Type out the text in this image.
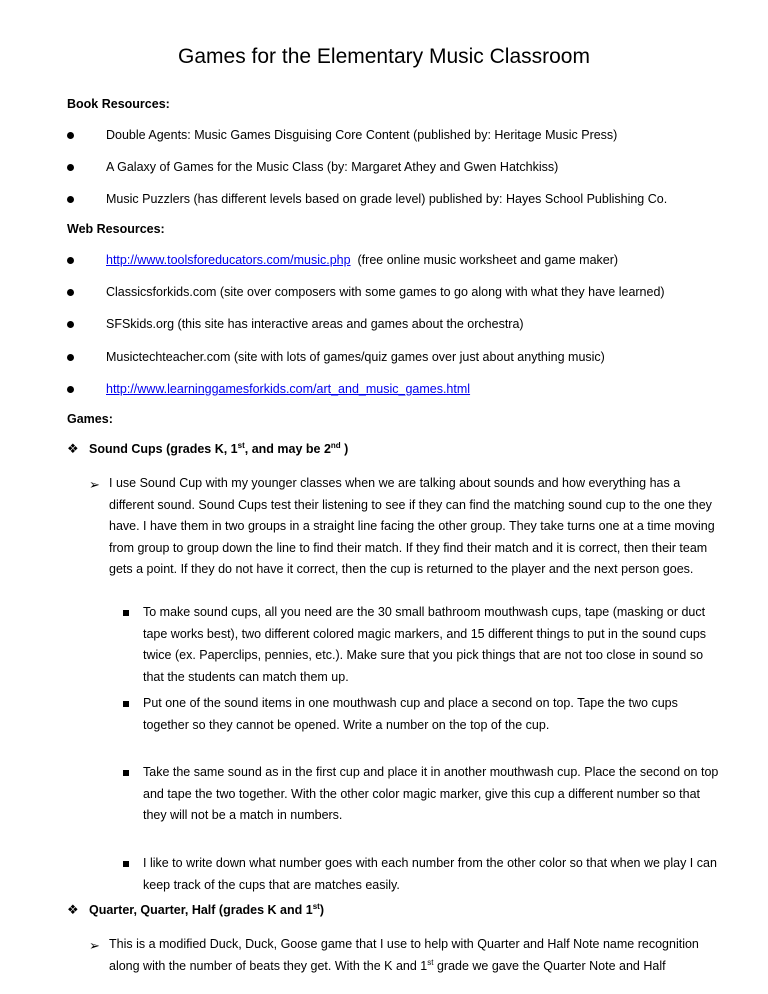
Games for the Elementary Music Classroom
Book Resources:
Double Agents: Music Games Disguising Core Content (published by: Heritage Music Press)
A Galaxy of Games for the Music Class (by: Margaret Athey and Gwen Hatchkiss)
Music Puzzlers (has different levels based on grade level) published by: Hayes School Publishing Co.
Web Resources:
http://www.toolsforeducators.com/music.php (free online music worksheet and game maker)
Classicsforkids.com (site over composers with some games to go along with what they have learned)
SFSkids.org (this site has interactive areas and games about the orchestra)
Musictechteacher.com (site with lots of games/quiz games over just about anything music)
http://www.learninggamesforkids.com/art_and_music_games.html
Games:
❖ Sound Cups (grades K, 1st, and may be 2nd )
➢ I use Sound Cup with my younger classes when we are talking about sounds and how everything has a different sound. Sound Cups test their listening to see if they can find the matching sound cup to the one they have. I have them in two groups in a straight line facing the other group. They take turns one at a time moving from group to group down the line to find their match. If they find their match and it is correct, then their team gets a point. If they do not have it correct, then the cup is returned to the player and the next person goes.
To make sound cups, all you need are the 30 small bathroom mouthwash cups, tape (masking or duct tape works best), two different colored magic markers, and 15 different things to put in the sound cups twice (ex. Paperclips, pennies, etc.). Make sure that you pick things that are not too close in sound so that the students can match them up.
Put one of the sound items in one mouthwash cup and place a second on top. Tape the two cups together so they cannot be opened. Write a number on the top of the cup.
Take the same sound as in the first cup and place it in another mouthwash cup. Place the second on top and tape the two together. With the other color magic marker, give this cup a different number so that they will not be a match in numbers.
I like to write down what number goes with each number from the other color so that when we play I can keep track of the cups that are matches easily.
❖ Quarter, Quarter, Half (grades K and 1st)
➢ This is a modified Duck, Duck, Goose game that I use to help with Quarter and Half Note name recognition along with the number of beats they get. With the K and 1st grade we gave the Quarter Note and Half
